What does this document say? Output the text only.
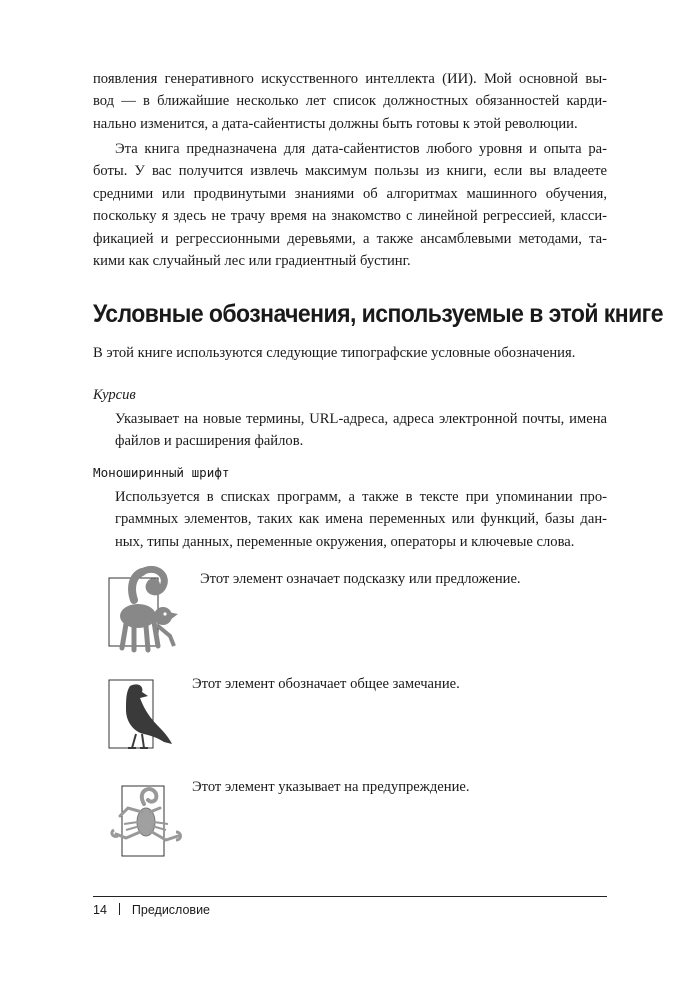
появления генеративного искусственного интеллекта (ИИ). Мой основной вы-
вод — в ближайшие несколько лет список должностных обязанностей карди-
нально изменится, а дата-сайентисты должны быть готовы к этой революции.
Эта книга предназначена для дата-сайентистов любого уровня и опыта ра-
боты. У вас получится извлечь максимум пользы из книги, если вы владеете
средними или продвинутыми знаниями об алгоритмах машинного обучения,
поскольку я здесь не трачу время на знакомство с линейной регрессией, класси-
фикацией и регрессионными деревьями, а также ансамблевыми методами, та-
кими как случайный лес или градиентный бустинг.
Условные обозначения, используемые в этой книге
В этой книге используются следующие типографские условные обозначения.
Курсив
Указывает на новые термины, URL-адреса, адреса электронной почты, имена
файлов и расширения файлов.
Моноширинный шрифт
Используется в списках программ, а также в тексте при упоминании про-
граммных элементов, таких как имена переменных или функций, базы дан-
ных, типы данных, переменные окружения, операторы и ключевые слова.
Этот элемент означает подсказку или предложение.
Этот элемент обозначает общее замечание.
Этот элемент указывает на предупреждение.
14 Предисловие
